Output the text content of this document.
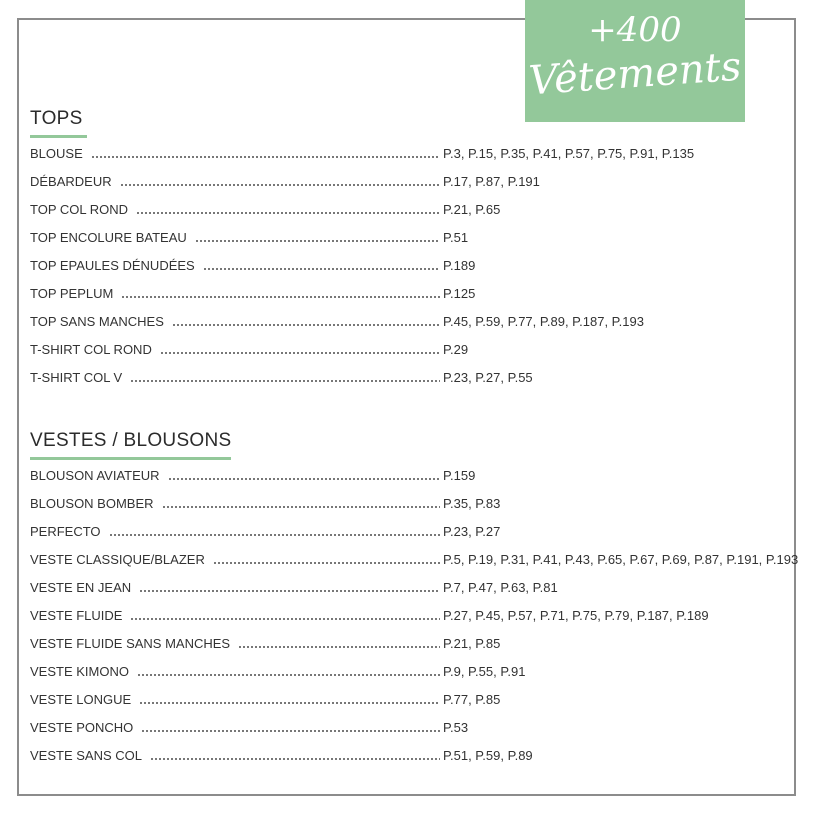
+400
Vêtements
TOPS
BLOUSE	P.3, P.15, P.35, P.41, P.57, P.75, P.91, P.135
DÉBARDEUR	P.17, P.87, P.191
TOP COL ROND	P.21, P.65
TOP ENCOLURE BATEAU	P.51
TOP EPAULES DÉNUDÉES	P.189
TOP PEPLUM	P.125
TOP SANS MANCHES	P.45, P.59, P.77, P.89, P.187, P.193
T-SHIRT COL ROND	P.29
T-SHIRT COL V	P.23, P.27, P.55
VESTES / BLOUSONS
BLOUSON AVIATEUR	P.159
BLOUSON BOMBER	P.35, P.83
PERFECTO	P.23, P.27
VESTE CLASSIQUE/BLAZER	P.5, P.19, P.31, P.41, P.43, P.65, P.67, P.69, P.87, P.191, P.193
VESTE EN JEAN	P.7, P.47, P.63, P.81
VESTE FLUIDE	P.27, P.45, P.57, P.71, P.75, P.79, P.187, P.189
VESTE FLUIDE SANS MANCHES	P.21, P.85
VESTE KIMONO	P.9, P.55, P.91
VESTE LONGUE	P.77, P.85
VESTE PONCHO	P.53
VESTE SANS COL	P.51, P.59, P.89
